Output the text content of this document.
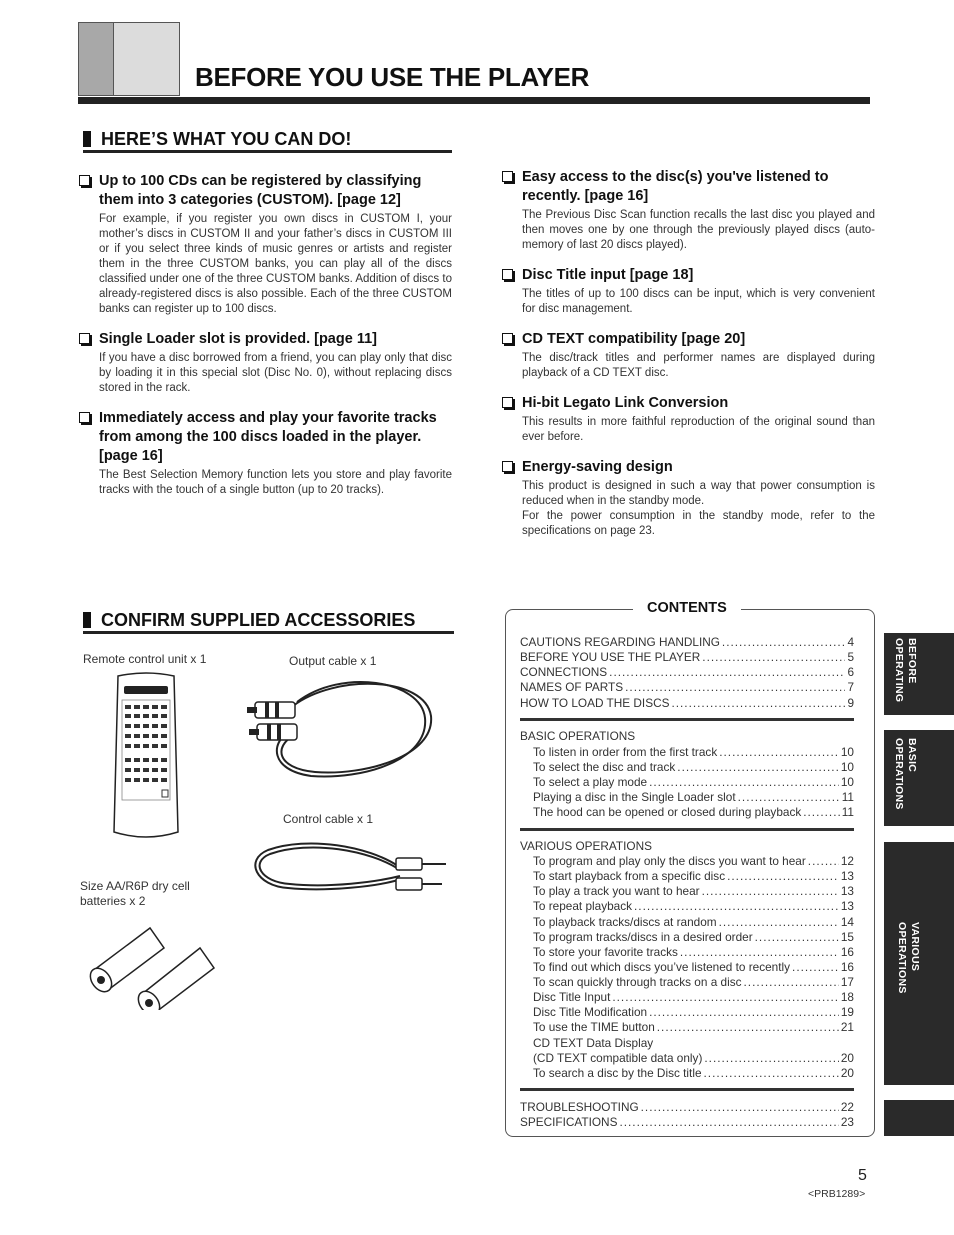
BEFORE YOU USE THE PLAYER
HERE’S WHAT YOU CAN DO!
Up to 100 CDs can be registered by classifying them into 3 categories (CUSTOM). [page 12]
For example, if you register you own discs in CUSTOM I, your mother’s discs in CUSTOM II and your father’s discs in CUSTOM III or if you select three kinds of music genres or artists and register them in the three CUSTOM banks, you can play all of the discs classified under one of the three CUSTOM banks. Addition of discs to already-registered discs is also possible. Each of the three CUSTOM banks can register up to 100 discs.
Single Loader slot is provided. [page 11]
If you have a disc borrowed from a friend, you can play only that disc by loading it in this special slot (Disc No. 0), without replacing discs stored in the rack.
Immediately access and play your favorite tracks from among the 100 discs loaded in the player. [page 16]
The Best Selection Memory function lets you store and play favorite tracks with the touch of a single button (up to 20 tracks).
Easy access to the disc(s) you've listened to recently. [page 16]
The Previous Disc Scan function recalls the last disc you played and then moves one by one through the previously played discs (auto-memory of last 20 discs played).
Disc Title input [page 18]
The titles of up to 100 discs can be input, which is very convenient for disc management.
CD TEXT compatibility [page 20]
The disc/track titles and performer names are displayed during playback of a CD TEXT disc.
Hi-bit Legato Link Conversion
This results in more faithful reproduction of the original sound than ever before.
Energy-saving design
This product is designed in such a way that power consumption is reduced when in the standby mode.
For the power consumption in the standby mode, refer to the specifications on page 23.
CONFIRM SUPPLIED ACCESSORIES
Remote control unit x 1	Output cable x 1
Control cable x 1
Size AA/R6P dry cell
batteries x 2
CONTENTS
CAUTIONS REGARDING HANDLING .....	4
BEFORE YOU USE THE PLAYER .....	5
CONNECTIONS .....	6
NAMES OF PARTS .....	7
HOW TO LOAD THE DISCS .....	9
BASIC OPERATIONS
To listen in order from the first track .....	10
To select the disc and track .....	10
To select a play mode .....	10
Playing a disc in the Single Loader slot .....	11
The hood can be opened or closed during playback .....	11
VARIOUS OPERATIONS
To program and play only the discs you want to hear .....	12
To start playback from a specific disc .....	13
To play a track you want to hear .....	13
To repeat playback .....	13
To playback tracks/discs at random .....	14
To program tracks/discs in a desired order .....	15
To store your favorite tracks .....	16
To find out which discs you’ve listened to recently .....	16
To scan quickly through tracks on a disc .....	17
Disc Title Input .....	18
Disc Title Modification .....	19
To use the TIME button .....	21
CD TEXT Data Display
(CD TEXT compatible data only) .....	20
To search a disc by the Disc title .....	20
TROUBLESHOOTING .....	22
SPECIFICATIONS .....	23
BEFORE
OPERATING
BASIC
OPERATIONS
VARIOUS
OPERATIONS
5
<PRB1289>
